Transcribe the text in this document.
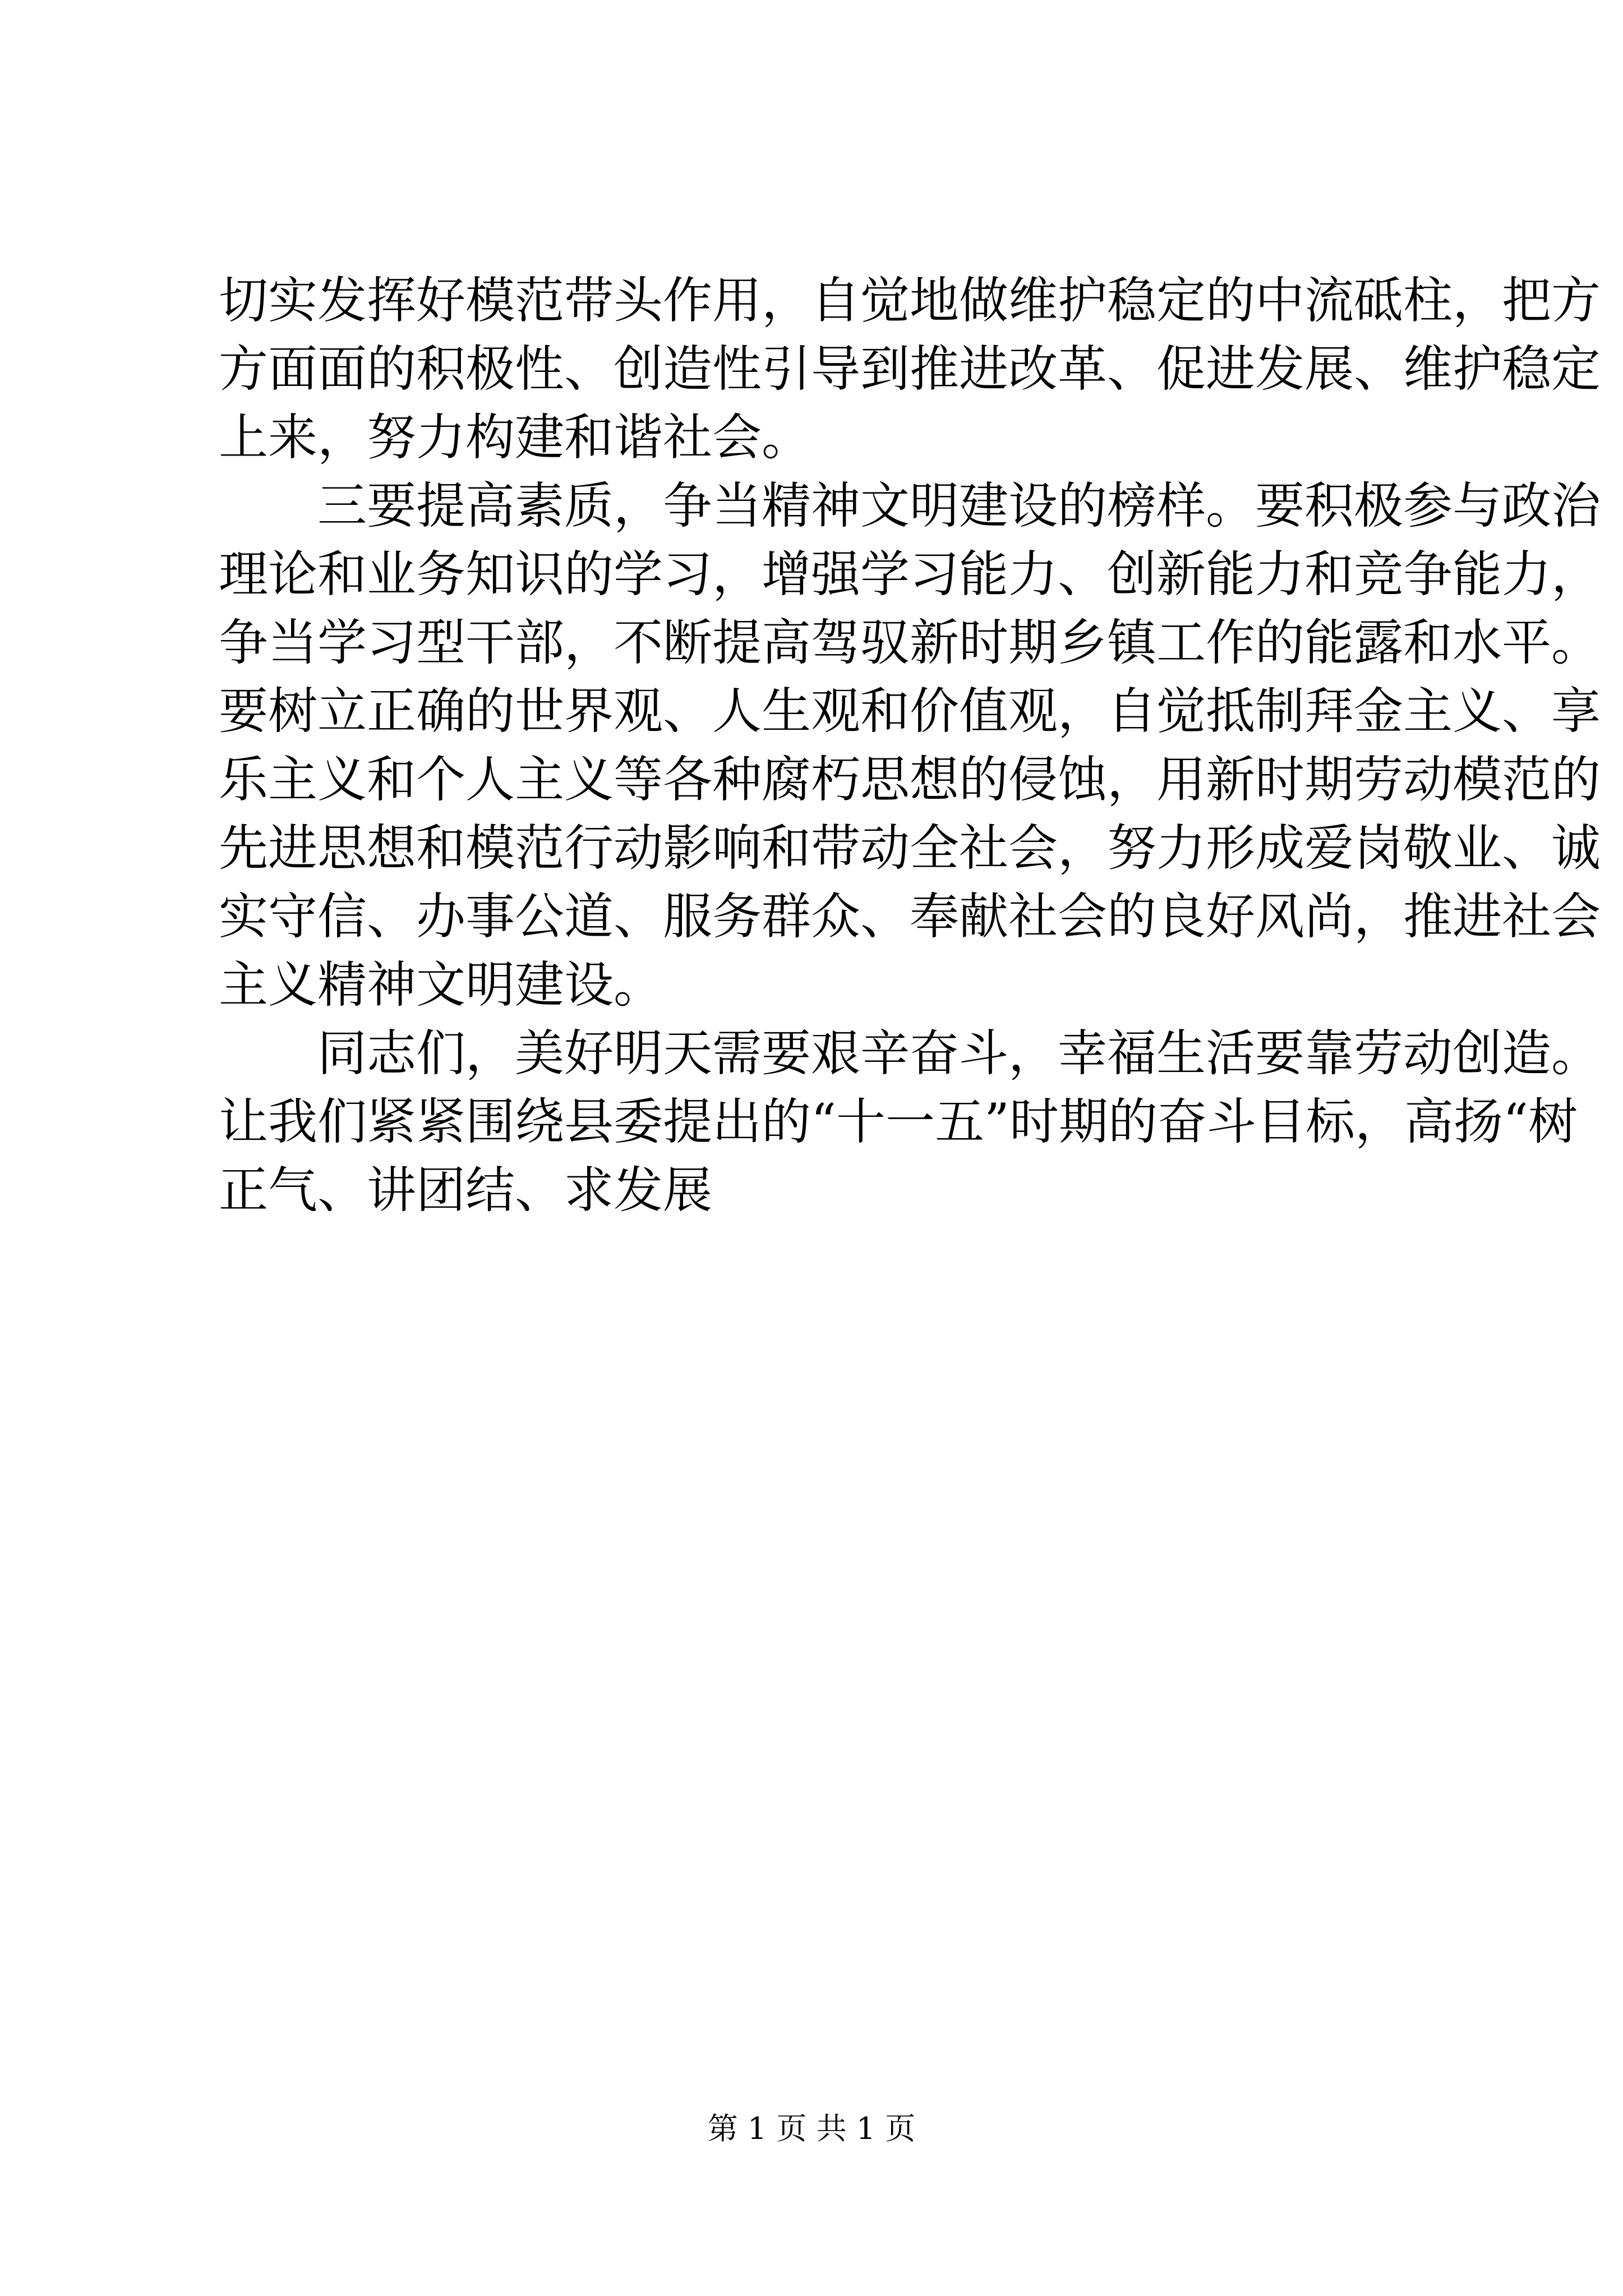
切实发挥好模范带头作用，自觉地做维护稳定的中流砥柱，把方
方面面的积极性、创造性引导到推进改革、促进发展、维护稳定
上来，努力构建和谐社会。
三要提高素质，争当精神文明建设的榜样。要积极参与政治
理论和业务知识的学习，增强学习能力、创新能力和竞争能力，
争当学习型干部，不断提高驾驭新时期乡镇工作的能露和水平。
要树立正确的世界观、人生观和价值观，自觉抵制拜金主义、享
乐主义和个人主义等各种腐朽思想的侵蚀，用新时期劳动模范的
先进思想和模范行动影响和带动全社会，努力形成爱岗敬业、诚
实守信、办事公道、服务群众、奉献社会的良好风尚，推进社会
主义精神文明建设。
同志们，美好明天需要艰辛奋斗，幸福生活要靠劳动创造。
让我们紧紧围绕县委提出的“十一五”时期的奋斗目标，高扬“树
正气、讲团结、求发展
第 1 页 共 1 页
